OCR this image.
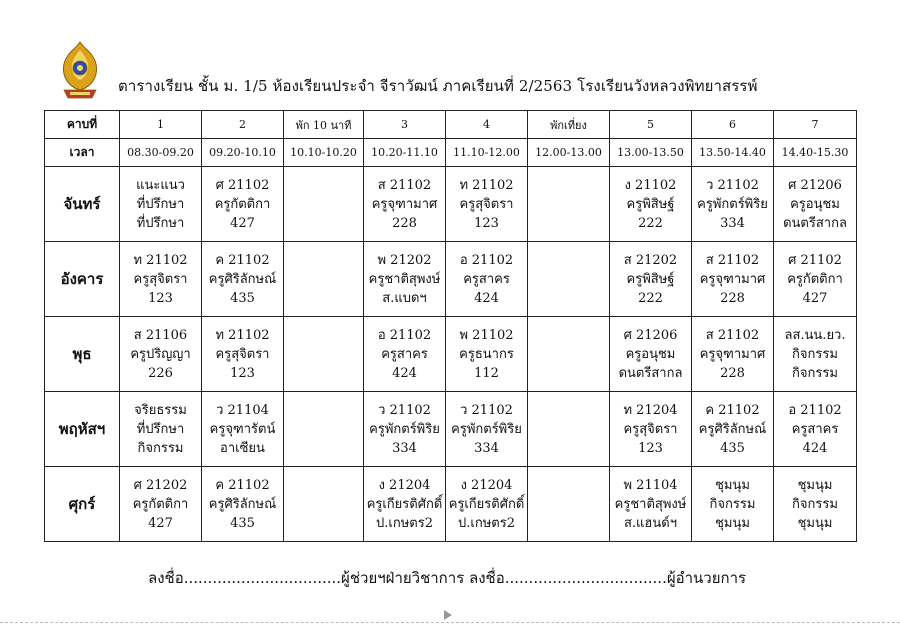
ตารางเรียน ชั้น ม. 1/5 ห้องเรียนประจำ จีราวัฒน์ ภาคเรียนที่ 2/2563 โรงเรียนวังหลวงพิทยาสรรพ์
คาบที่	1	2	พัก 10 นาที	3	4	พักเที่ยง	5	6	7
เวลา	08.30-09.20	09.20-10.10	10.10-10.20	10.20-11.10	11.10-12.00	12.00-13.00	13.00-13.50	13.50-14.40	14.40-15.30
จันทร์	แนะแนว
ที่ปรึกษา
ที่ปรึกษา	ศ 21102
ครูกัตติกา
427		ส 21102
ครูจุฑามาศ
228	ท 21102
ครูสุจิตรา
123		ง 21102
ครูพิสิษฐ์
222	ว 21102
ครูพักตร์พิริย
334	ศ 21206
ครูอนุชม
ดนตรีสากล

อังคาร	ท 21102
ครูสุจิตรา
123	ค 21102
ครูศิริลักษณ์
435		พ 21202
ครูชาติสุพงษ์
ส.แบดฯ	อ 21102
ครูสาคร
424		ส 21202
ครูพิสิษฐ์
222	ส 21102
ครูจุฑามาศ
228	ศ 21102
ครูกัตติกา
427

พุธ	ส 21106
ครูปริญญา
226	ท 21102
ครูสุจิตรา
123		อ 21102
ครูสาคร
424	พ 21102
ครูธนากร
112		ศ 21206
ครูอนุชม
ดนตรีสากล	ส 21102
ครูจุฑามาศ
228	ลส.นน.ยว.
กิจกรรม
กิจกรรม

พฤหัสฯ	จริยธรรม
ที่ปรึกษา
กิจกรรม	ว 21104
ครูจุฑารัตน์
อาเซียน		ว 21102
ครูพักตร์พิริย
334	ว 21102
ครูพักตร์พิริย
334		ท 21204
ครูสุจิตรา
123	ค 21102
ครูศิริลักษณ์
435	อ 21102
ครูสาคร
424

ศุกร์	ศ 21202
ครูกัตติกา
427	ค 21102
ครูศิริลักษณ์
435		ง 21204
ครูเกียรติศักดิ์
ป.เกษตร2	ง 21204
ครูเกียรติศักดิ์
ป.เกษตร2		พ 21104
ครูชาติสุพงษ์
ส.แฮนด์ฯ	ชุมนุม
กิจกรรม
ชุมนุม	ชุมนุม
กิจกรรม
ชุมนุม
ลงชื่อ.................................ผู้ช่วยฯฝ่ายวิชาการ ลงชื่อ..................................ผู้อำนวยการ
